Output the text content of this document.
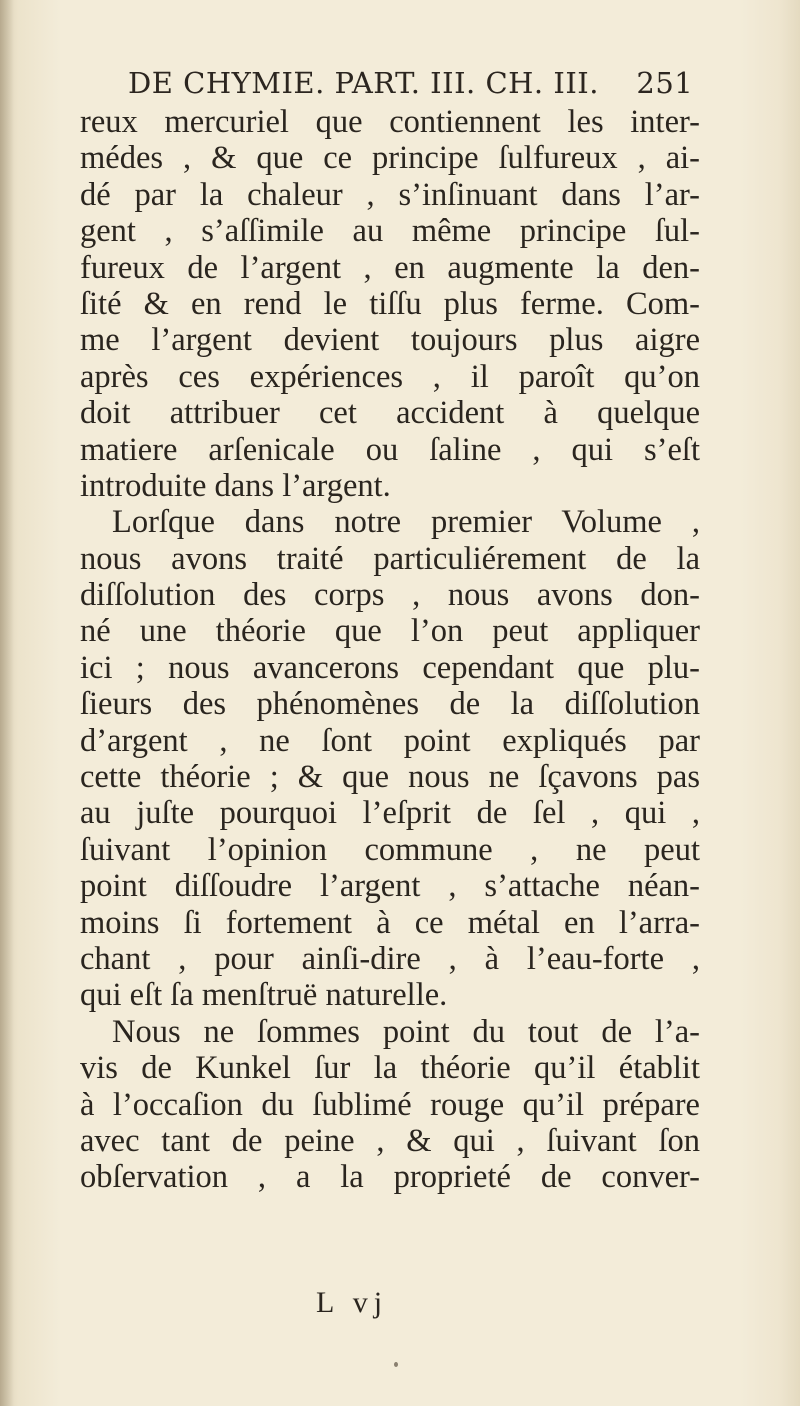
DE CHYMIE. PART. III. CH. III. 251
reux mercuriel que contiennent les inter-
médes , & que ce principe ſulfureux , ai-
dé par la chaleur , s’inſinuant dans l’ar-
gent , s’aſſimile au même principe ſul-
fureux de l’argent , en augmente la den-
ſité & en rend le tiſſu plus ferme. Com-
me l’argent devient toujours plus aigre
après ces expériences , il paroît qu’on
doit attribuer cet accident à quelque
matiere arſenicale ou ſaline , qui s’eſt
introduite dans l’argent.
Lorſque dans notre premier Volume ,
nous avons traité particuliérement de la
diſſolution des corps , nous avons don-
né une théorie que l’on peut appliquer
ici ; nous avancerons cependant que plu-
ſieurs des phénomènes de la diſſolution
d’argent , ne ſont point expliqués par
cette théorie ; & que nous ne ſçavons pas
au juſte pourquoi l’eſprit de ſel , qui ,
ſuivant l’opinion commune , ne peut
point diſſoudre l’argent , s’attache néan-
moins ſi fortement à ce métal en l’arra-
chant , pour ainſi-dire , à l’eau-forte ,
qui eſt ſa menſtruë naturelle.
Nous ne ſommes point du tout de l’a-
vis de Kunkel ſur la théorie qu’il établit
à l’occaſion du ſublimé rouge qu’il prépare
avec tant de peine , & qui , ſuivant ſon
obſervation , a la proprieté de conver-
L vj
